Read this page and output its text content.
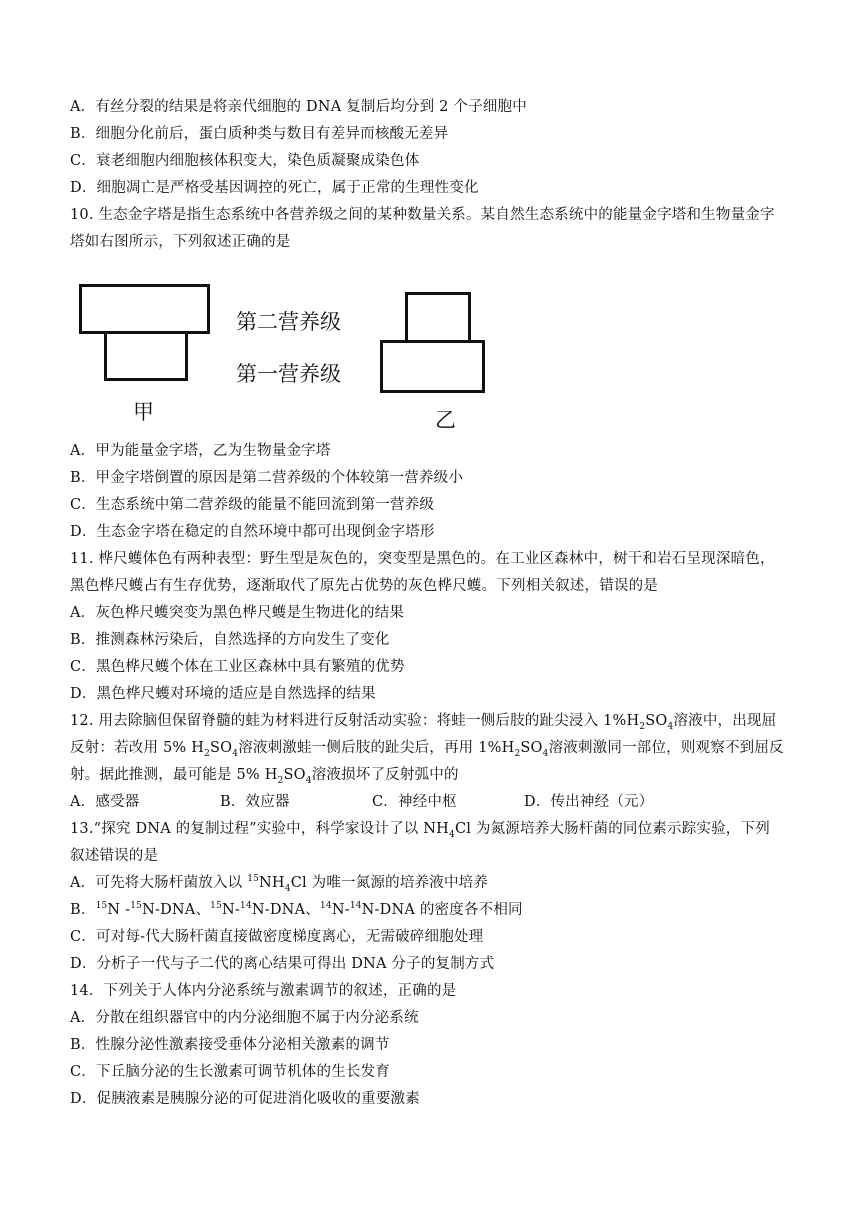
A．有丝分裂的结果是将亲代细胞的 DNA 复制后均分到 2 个子细胞中
B．细胞分化前后，蛋白质种类与数目有差异而核酸无差异
C．衰老细胞内细胞核体积变大，染色质凝聚成染色体
D．细胞凋亡是严格受基因调控的死亡，属于正常的生理性变化
10. 生态金字塔是指生态系统中各营养级之间的某种数量关系。某自然生态系统中的能量金字塔和生物量金字
塔如右图所示，下列叙述正确的是
第二营养级
第一营养级
甲	乙
A．甲为能量金字塔，乙为生物量金字塔
B．甲金字塔倒置的原因是第二营养级的个体较第一营养级小
C．生态系统中第二营养级的能量不能回流到第一营养级
D．生态金字塔在稳定的自然环境中都可出现倒金字塔形
11. 桦尺蠖体色有两种表型：野生型是灰色的，突变型是黑色的。在工业区森林中，树干和岩石呈现深暗色，
黑色桦尺蠖占有生存优势，逐渐取代了原先占优势的灰色桦尺蠖。下列相关叙述，错误的是
A．灰色桦尺蠖突变为黑色桦尺蠖是生物进化的结果
B．推测森林污染后，自然选择的方向发生了变化
C．黑色桦尺蠖个体在工业区森林中具有繁殖的优势
D．黑色桦尺蠖对环境的适应是自然选择的结果
12. 用去除脑但保留脊髓的蛙为材料进行反射活动实验：将蛙一侧后肢的趾尖浸入 $1\%H_2SO_4$溶液中，出现屈
反射：若改用 5% $H_2SO_4$溶液刺激蛙一侧后肢的趾尖后，再用 $1\%H_2SO_4$溶液刺激同一部位，则观察不到屈反
射。据此推测，最可能是 5% $H_2SO_4$溶液损坏了反射弧中的
A．感受器	B．效应器	C．神经中枢	D．传出神经（元）
13.“探究 DNA 的复制过程”实验中，科学家设计了以 $NH_4Cl$ 为氮源培养大肠杆菌的同位素示踪实验，下列
叙述错误的是
A．可先将大肠杆菌放入以 $^{15}NH_4Cl$ 为唯一氮源的培养液中培养
B．$^{15}$N -$^{15}$N-DNA、$^{15}$N-$^{14}$N-DNA、$^{14}$N-$^{14}$N-DNA 的密度各不相同
C．可对每-代大肠杆菌直接做密度梯度离心，无需破碎细胞处理
D．分析子一代与子二代的离心结果可得出 DNA 分子的复制方式
14．下列关于人体内分泌系统与激素调节的叙述，正确的是
A．分散在组织器官中的内分泌细胞不属于内分泌系统
B．性腺分泌性激素接受垂体分泌相关激素的调节
C．下丘脑分泌的生长激素可调节机体的生长发育
D．促胰液素是胰腺分泌的可促进消化吸收的重要激素
